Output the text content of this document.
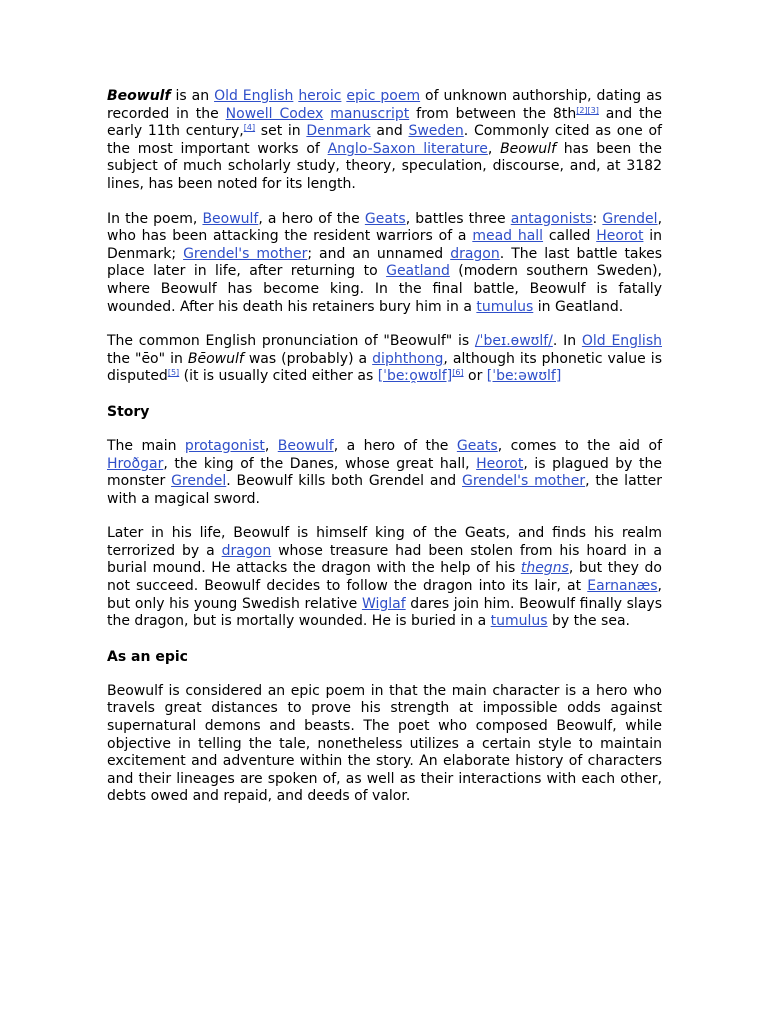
Beowulf is an Old English heroic epic poem of unknown authorship, dating as recorded in the Nowell Codex manuscript from between the 8th[2][3] and the early 11th century,[4] set in Denmark and Sweden. Commonly cited as one of the most important works of Anglo-Saxon literature, Beowulf has been the subject of much scholarly study, theory, speculation, discourse, and, at 3182 lines, has been noted for its length.

In the poem, Beowulf, a hero of the Geats, battles three antagonists: Grendel, who has been attacking the resident warriors of a mead hall called Heorot in Denmark; Grendel's mother; and an unnamed dragon. The last battle takes place later in life, after returning to Geatland (modern southern Sweden), where Beowulf has become king. In the final battle, Beowulf is fatally wounded. After his death his retainers bury him in a tumulus in Geatland.

The common English pronunciation of "Beowulf" is /ˈbeɪ.ɵwʊlf/. In Old English the "ēo" in Bēowulf was (probably) a diphthong, although its phonetic value is disputed[5] (it is usually cited either as [ˈbeːo̯wʊlf][6] or [ˈbeːəwʊlf]

Story

The main protagonist, Beowulf, a hero of the Geats, comes to the aid of Hroðgar, the king of the Danes, whose great hall, Heorot, is plagued by the monster Grendel. Beowulf kills both Grendel and Grendel's mother, the latter with a magical sword.

Later in his life, Beowulf is himself king of the Geats, and finds his realm terrorized by a dragon whose treasure had been stolen from his hoard in a burial mound. He attacks the dragon with the help of his thegns, but they do not succeed. Beowulf decides to follow the dragon into its lair, at Earnanæs, but only his young Swedish relative Wiglaf dares join him. Beowulf finally slays the dragon, but is mortally wounded. He is buried in a tumulus by the sea.

As an epic

Beowulf is considered an epic poem in that the main character is a hero who travels great distances to prove his strength at impossible odds against supernatural demons and beasts. The poet who composed Beowulf, while objective in telling the tale, nonetheless utilizes a certain style to maintain excitement and adventure within the story. An elaborate history of characters and their lineages are spoken of, as well as their interactions with each other, debts owed and repaid, and deeds of valor.
